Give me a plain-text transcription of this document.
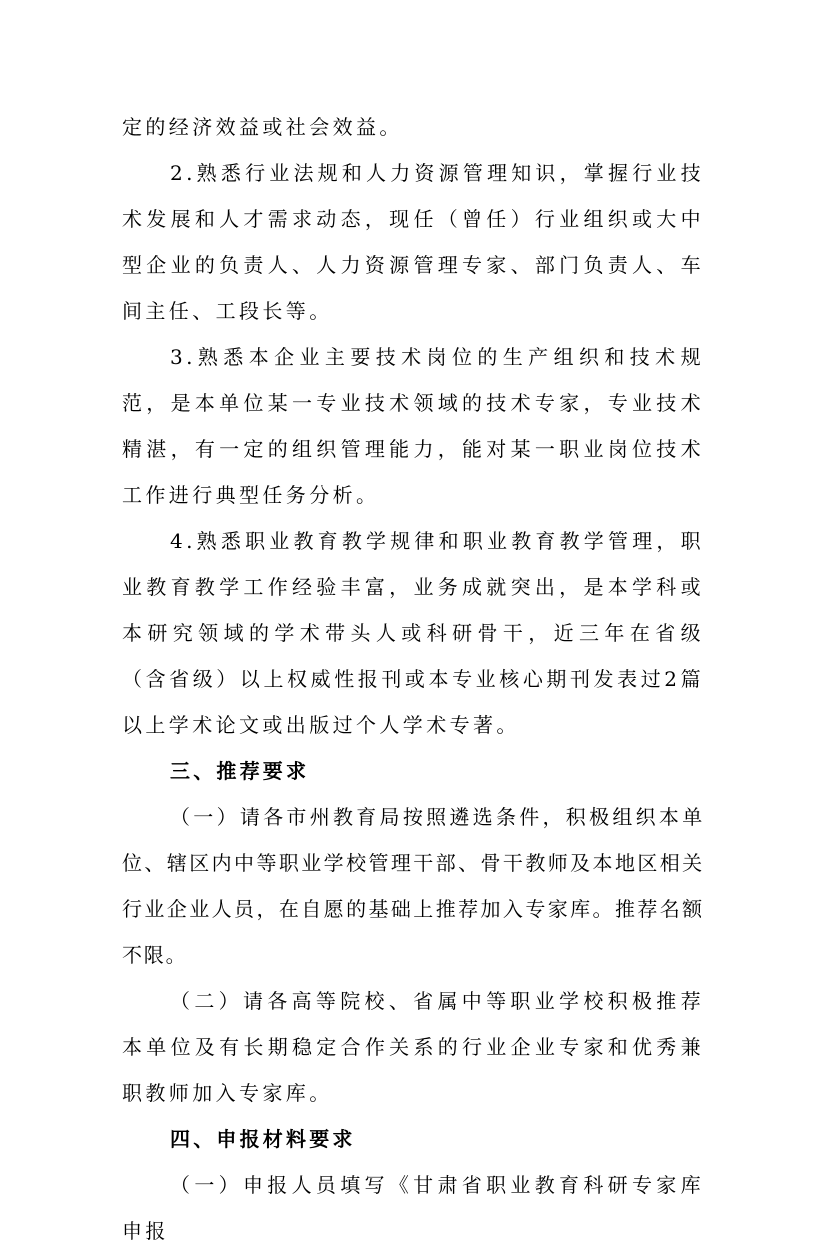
定的经济效益或社会效益。

2.熟悉行业法规和人力资源管理知识，掌握行业技术发展和人才需求动态，现任（曾任）行业组织或大中型企业的负责人、人力资源管理专家、部门负责人、车间主任、工段长等。

3.熟悉本企业主要技术岗位的生产组织和技术规范，是本单位某一专业技术领域的技术专家，专业技术精湛，有一定的组织管理能力，能对某一职业岗位技术工作进行典型任务分析。

4.熟悉职业教育教学规律和职业教育教学管理，职业教育教学工作经验丰富，业务成就突出，是本学科或本研究领域的学术带头人或科研骨干，近三年在省级（含省级）以上权威性报刊或本专业核心期刊发表过2篇以上学术论文或出版过个人学术专著。

三、推荐要求

（一）请各市州教育局按照遴选条件，积极组织本单位、辖区内中等职业学校管理干部、骨干教师及本地区相关行业企业人员，在自愿的基础上推荐加入专家库。推荐名额不限。

（二）请各高等院校、省属中等职业学校积极推荐本单位及有长期稳定合作关系的行业企业专家和优秀兼职教师加入专家库。

四、申报材料要求

（一）申报人员填写《甘肃省职业教育科研专家库申报
